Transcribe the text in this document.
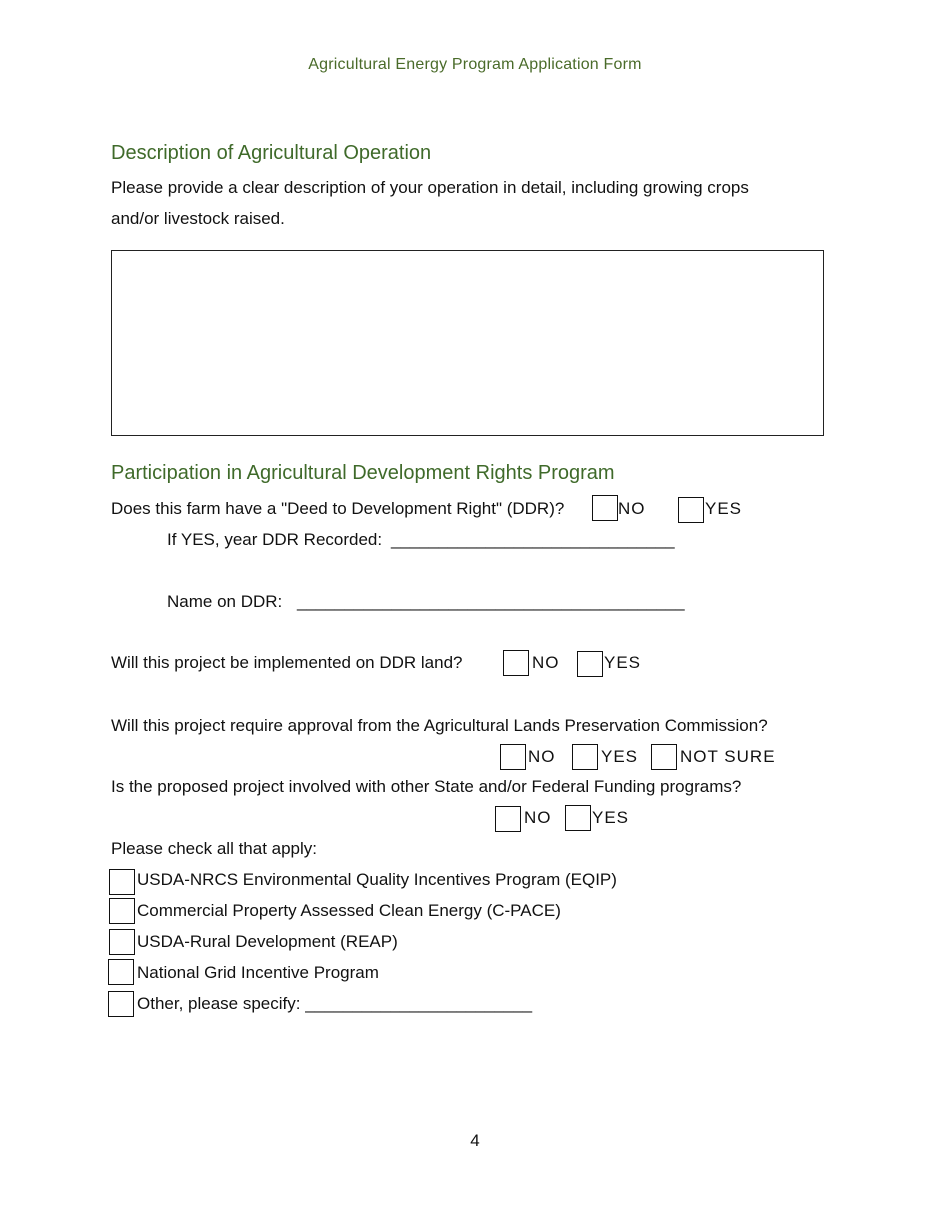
Agricultural Energy Program Application Form
Description of Agricultural Operation
Please provide a clear description of your operation in detail, including growing crops
and/or livestock raised.
Participation in Agricultural Development Rights Program
Does this farm have a "Deed to Development Right" (DDR)?	NO	YES
If YES, year DDR Recorded: ______________________________
Name on DDR: _________________________________________
Will this project be implemented on DDR land?	NO	YES
Will this project require approval from the Agricultural Lands Preservation Commission?
NO	YES NOT SURE
Is the proposed project involved with other State and/or Federal Funding programs?
NO YES
Please check all that apply:
USDA-NRCS Environmental Quality Incentives Program (EQIP)
Commercial Property Assessed Clean Energy (C-PACE)
USDA-Rural Development (REAP)
National Grid Incentive Program
Other, please specify: ________________________
4
